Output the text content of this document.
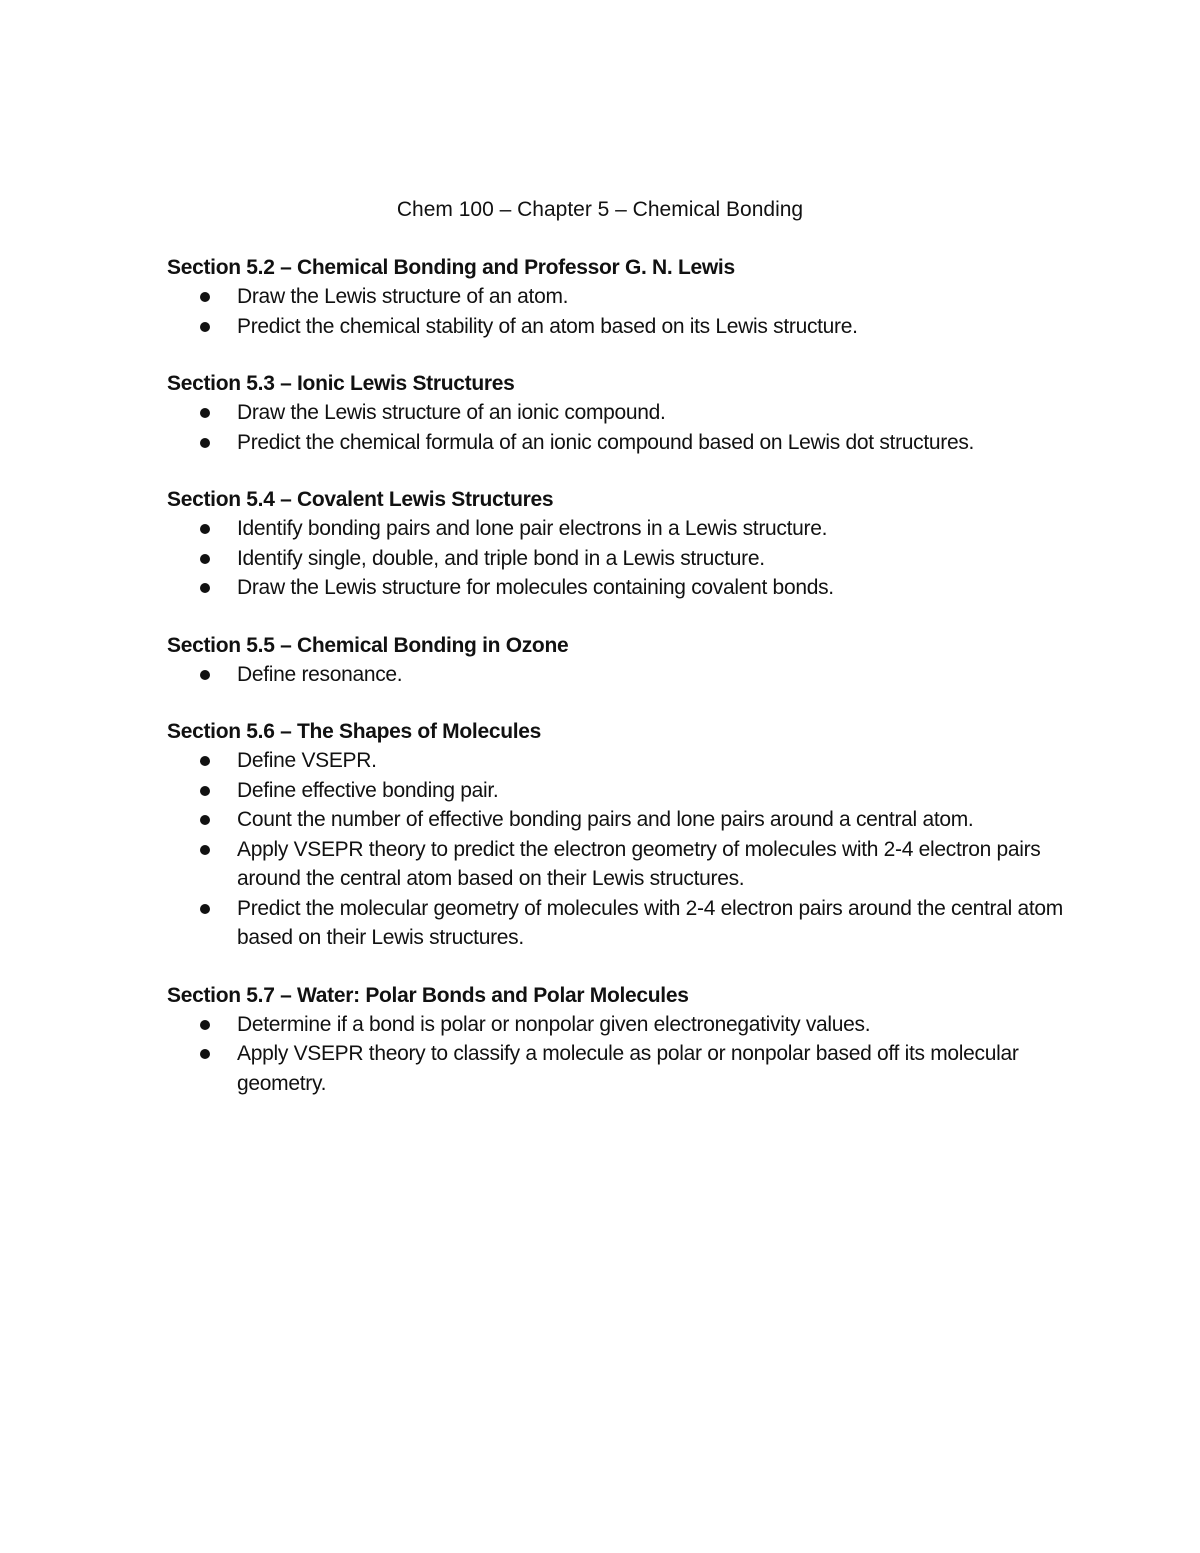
Chem 100 – Chapter 5 – Chemical Bonding
Section 5.2 – Chemical Bonding and Professor G. N. Lewis
Draw the Lewis structure of an atom.
Predict the chemical stability of an atom based on its Lewis structure.
Section 5.3 – Ionic Lewis Structures
Draw the Lewis structure of an ionic compound.
Predict the chemical formula of an ionic compound based on Lewis dot structures.
Section 5.4 – Covalent Lewis Structures
Identify bonding pairs and lone pair electrons in a Lewis structure.
Identify single, double, and triple bond in a Lewis structure.
Draw the Lewis structure for molecules containing covalent bonds.
Section 5.5 – Chemical Bonding in Ozone
Define resonance.
Section 5.6 – The Shapes of Molecules
Define VSEPR.
Define effective bonding pair.
Count the number of effective bonding pairs and lone pairs around a central atom.
Apply VSEPR theory to predict the electron geometry of molecules with 2-4 electron pairs around the central atom based on their Lewis structures.
Predict the molecular geometry of molecules with 2-4 electron pairs around the central atom based on their Lewis structures.
Section 5.7 – Water: Polar Bonds and Polar Molecules
Determine if a bond is polar or nonpolar given electronegativity values.
Apply VSEPR theory to classify a molecule as polar or nonpolar based off its molecular geometry.
